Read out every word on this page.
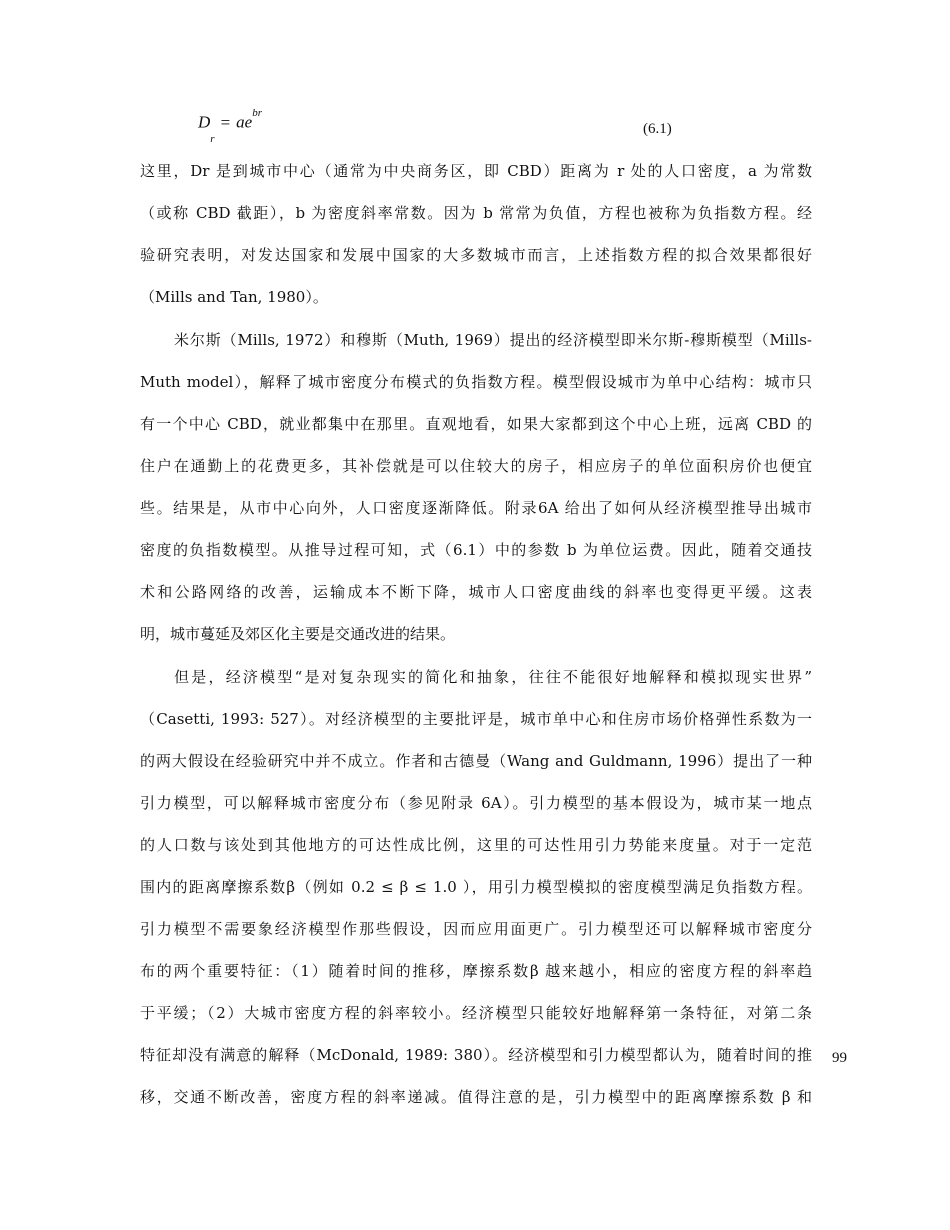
$D_r= ae^{br}$
(6.1)
这里，Dr 是到城市中心（通常为中央商务区，即 CBD）距离为 r 处的人口密度，a 为常数
（或称 CBD 截距），b 为密度斜率常数。因为 b 常常为负值，方程也被称为负指数方程。经
验研究表明，对发达国家和发展中国家的大多数城市而言，上述指数方程的拟合效果都很好
（Mills and Tan, 1980）。
米尔斯（Mills, 1972）和穆斯（Muth, 1969）提出的经济模型即米尔斯-穆斯模型（Mills-
Muth model），解释了城市密度分布模式的负指数方程。模型假设城市为单中心结构：城市只
有一个中心 CBD，就业都集中在那里。直观地看，如果大家都到这个中心上班，远离 CBD 的
住户在通勤上的花费更多，其补偿就是可以住较大的房子，相应房子的单位面积房价也便宜
些。结果是，从市中心向外，人口密度逐渐降低。附录6A 给出了如何从经济模型推导出城市
密度的负指数模型。从推导过程可知，式（6.1）中的参数 b 为单位运费。因此，随着交通技
术和公路网络的改善，运输成本不断下降，城市人口密度曲线的斜率也变得更平缓。这表
明，城市蔓延及郊区化主要是交通改进的结果。
但是，经济模型“是对复杂现实的简化和抽象，往往不能很好地解释和模拟现实世界”
（Casetti, 1993: 527）。对经济模型的主要批评是，城市单中心和住房市场价格弹性系数为一
的两大假设在经验研究中并不成立。作者和古德曼（Wang and Guldmann, 1996）提出了一种
引力模型，可以解释城市密度分布（参见附录 6A）。引力模型的基本假设为，城市某一地点
的人口数与该处到其他地方的可达性成比例，这里的可达性用引力势能来度量。对于一定范
围内的距离摩擦系数β（例如 0.2 ≤ β ≤ 1.0 ），用引力模型模拟的密度模型满足负指数方程。
引力模型不需要象经济模型作那些假设，因而应用面更广。引力模型还可以解释城市密度分
布的两个重要特征：（1）随着时间的推移，摩擦系数β 越来越小，相应的密度方程的斜率趋
于平缓；（2）大城市密度方程的斜率较小。经济模型只能较好地解释第一条特征，对第二条
特征却没有满意的解释（McDonald, 1989: 380）。经济模型和引力模型都认为，随着时间的推
移，交通不断改善，密度方程的斜率递减。值得注意的是，引力模型中的距离摩擦系数 β 和
99
